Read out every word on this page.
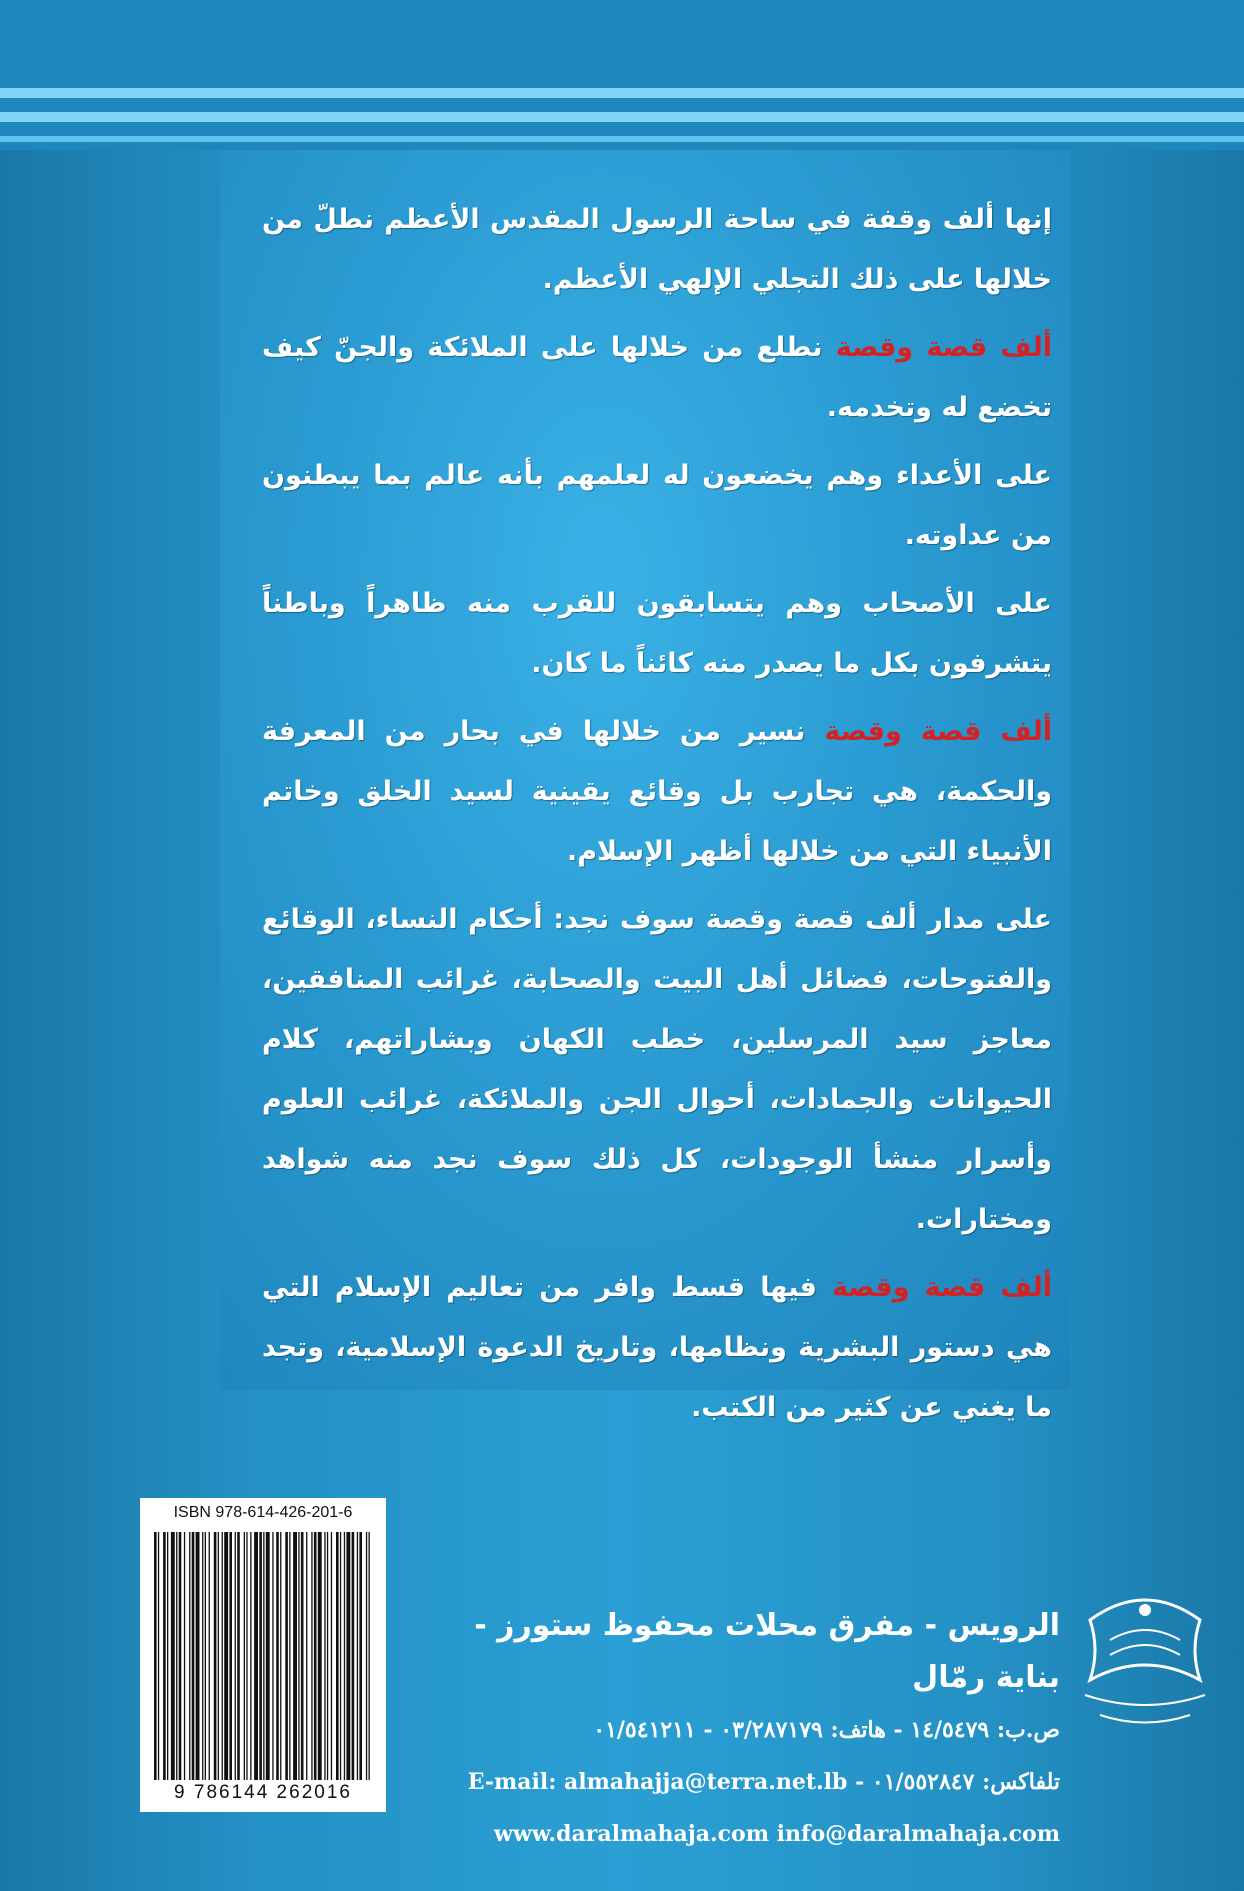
إنها ألف وقفة في ساحة الرسول المقدس الأعظم نطلّ من خلالها على ذلك التجلي الإلهي الأعظم.

ألف قصة وقصة نطلع من خلالها على الملائكة والجنّ كيف تخضع له وتخدمه.

على الأعداء وهم يخضعون له لعلمهم بأنه عالم بما يبطنون من عداوته.

على الأصحاب وهم يتسابقون للقرب منه ظاهراً وباطناً يتشرفون بكل ما يصدر منه كائناً ما كان.

ألف قصة وقصة نسير من خلالها في بحار من المعرفة والحكمة، هي تجارب بل وقائع يقينية لسيد الخلق وخاتم الأنبياء التي من خلالها أظهر الإسلام.

على مدار ألف قصة وقصة سوف نجد: أحكام النساء، الوقائع والفتوحات، فضائل أهل البيت والصحابة، غرائب المنافقين، معاجز سيد المرسلين، خطب الكهان وبشاراتهم، كلام الحيوانات والجمادات، أحوال الجن والملائكة، غرائب العلوم وأسرار منشأ الوجودات، كل ذلك سوف نجد منه شواهد ومختارات.

ألف قصة وقصة فيها قسط وافر من تعاليم الإسلام التي هي دستور البشرية ونظامها، وتاريخ الدعوة الإسلامية، وتجد ما يغني عن كثير من الكتب.

ISBN 978-614-426-201-6
9 786144 262016
الرويس - مفرق محلات محفوظ ستورز - بناية رمّال
ص.ب: ١٤/٥٤٧٩ - هاتف: ٠٣/٢٨٧١٧٩ - ٠١/٥٤١٢١١
تلفاكس: ٠١/٥٥٢٨٤٧ - E-mail: almahajja@terra.net.lb
www.daralmahaja.com info@daralmahaja.com
